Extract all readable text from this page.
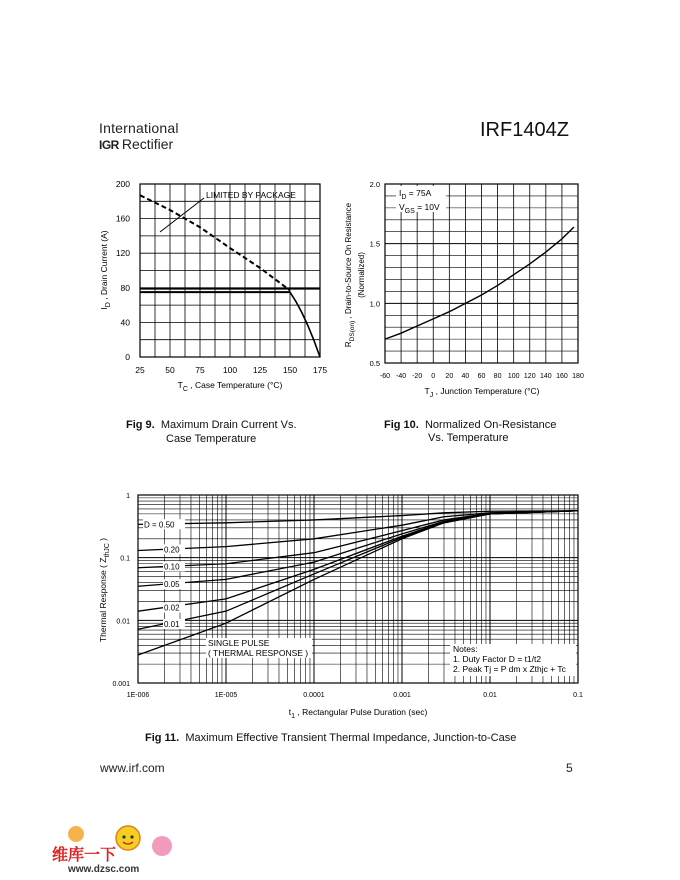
International
IGR Rectifier
IRF1404Z
25 50 75 100 125 150 175
0
40
80
120
160
200
LIMITED BY PACKAGE
$T_C$ , Case Temperature (°C)
$I_D$ , Drain Current (A)
-60 -40 -20 0 20 40 60 80 100 120 140 160 180
0.5
1.0
1.5
2.0
$I_D = 75A$
$V_{GS} = 10V$
$T_J$ , Junction Temperature (°C)
$R_{DS(on)}$ , Drain-to-Source On Resistance (Normalized)
1E-006	1E-005	0.0001	0.001	0.01	0.1
0.001
0.01
0.1
1
D = 0.50
0.20
0.10
0.05
0.02
0.01
SINGLE PULSE
( THERMAL RESPONSE )	Notes:
1. Duty Factor D = t1/t2
2. Peak Tj = P dm x Zthjc + Tc
$t_1$ , Rectangular Pulse Duration (sec)
Thermal Response ( $Z_{thJC}$ )
Fig 9. Maximum Drain Current Vs.
Case Temperature
Fig 10. Normalized On-Resistance
Vs. Temperature
Fig 11. Maximum Effective Transient Thermal Impedance, Junction-to-Case
www.irf.com	5
维库一下
www.dzsc.com
